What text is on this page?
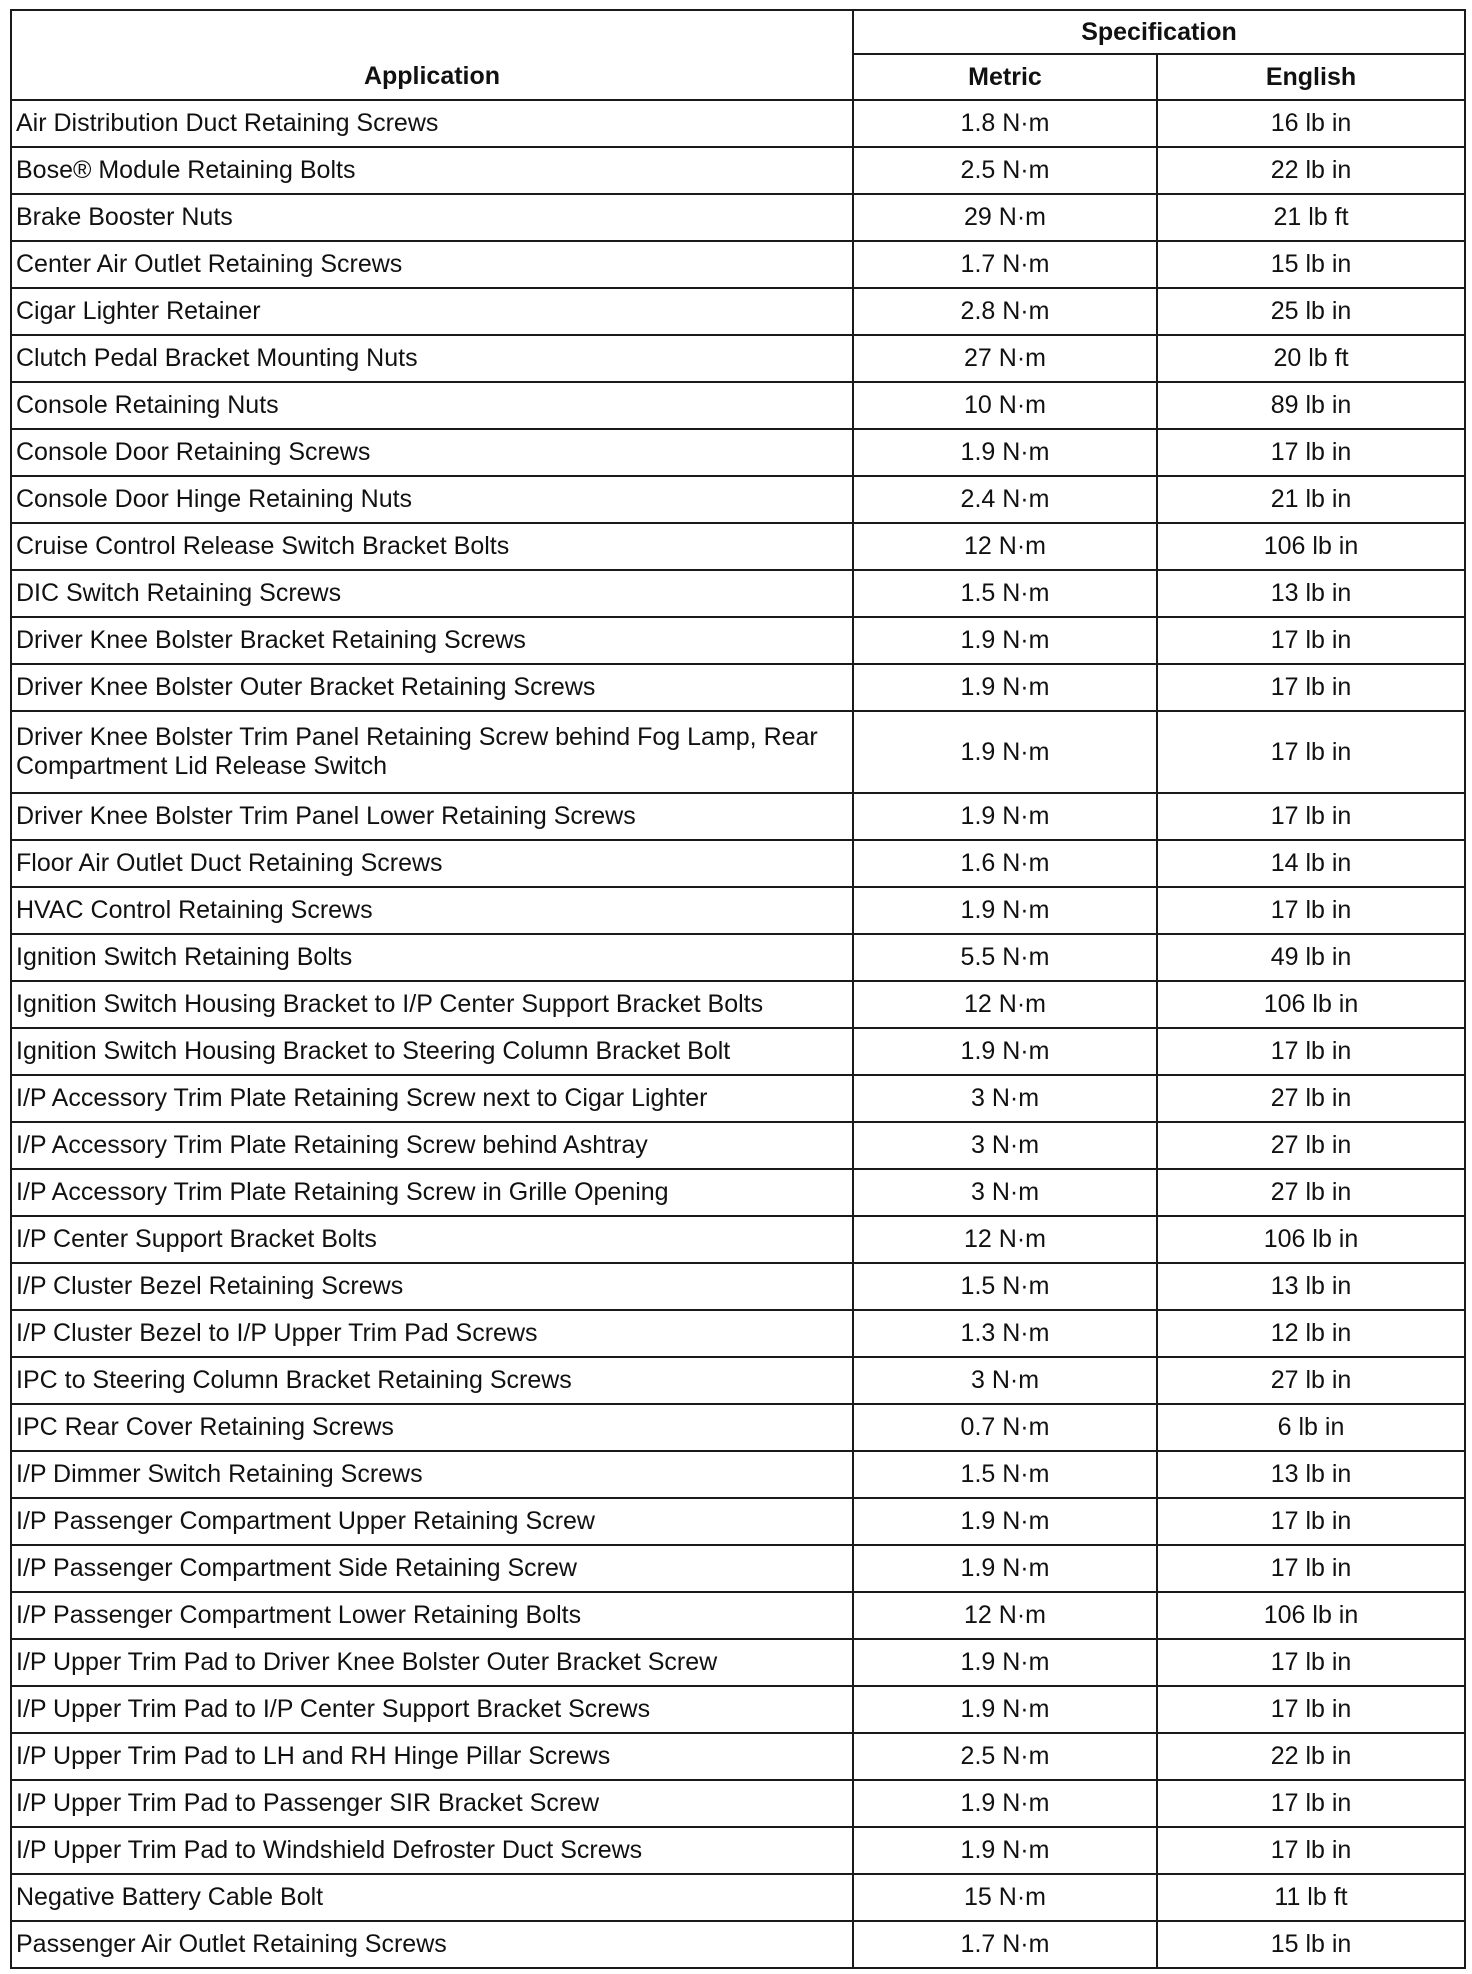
Application	Specification	
	Metric	English
Air Distribution Duct Retaining Screws	1.8 N·m	16 lb in
Bose® Module Retaining Bolts	2.5 N·m	22 lb in
Brake Booster Nuts	29 N·m	21 lb ft
Center Air Outlet Retaining Screws	1.7 N·m	15 lb in
Cigar Lighter Retainer	2.8 N·m	25 lb in
Clutch Pedal Bracket Mounting Nuts	27 N·m	20 lb ft
Console Retaining Nuts	10 N·m	89 lb in
Console Door Retaining Screws	1.9 N·m	17 lb in
Console Door Hinge Retaining Nuts	2.4 N·m	21 lb in
Cruise Control Release Switch Bracket Bolts	12 N·m	106 lb in
DIC Switch Retaining Screws	1.5 N·m	13 lb in
Driver Knee Bolster Bracket Retaining Screws	1.9 N·m	17 lb in
Driver Knee Bolster Outer Bracket Retaining Screws	1.9 N·m	17 lb in
Driver Knee Bolster Trim Panel Retaining Screw behind Fog Lamp, Rear Compartment Lid Release Switch	1.9 N·m	17 lb in
Driver Knee Bolster Trim Panel Lower Retaining Screws	1.9 N·m	17 lb in
Floor Air Outlet Duct Retaining Screws	1.6 N·m	14 lb in
HVAC Control Retaining Screws	1.9 N·m	17 lb in
Ignition Switch Retaining Bolts	5.5 N·m	49 lb in
Ignition Switch Housing Bracket to I/P Center Support Bracket Bolts	12 N·m	106 lb in
Ignition Switch Housing Bracket to Steering Column Bracket Bolt	1.9 N·m	17 lb in
I/P Accessory Trim Plate Retaining Screw next to Cigar Lighter	3 N·m	27 lb in
I/P Accessory Trim Plate Retaining Screw behind Ashtray	3 N·m	27 lb in
I/P Accessory Trim Plate Retaining Screw in Grille Opening	3 N·m	27 lb in
I/P Center Support Bracket Bolts	12 N·m	106 lb in
I/P Cluster Bezel Retaining Screws	1.5 N·m	13 lb in
I/P Cluster Bezel to I/P Upper Trim Pad Screws	1.3 N·m	12 lb in
IPC to Steering Column Bracket Retaining Screws	3 N·m	27 lb in
IPC Rear Cover Retaining Screws	0.7 N·m	6 lb in
I/P Dimmer Switch Retaining Screws	1.5 N·m	13 lb in
I/P Passenger Compartment Upper Retaining Screw	1.9 N·m	17 lb in
I/P Passenger Compartment Side Retaining Screw	1.9 N·m	17 lb in
I/P Passenger Compartment Lower Retaining Bolts	12 N·m	106 lb in
I/P Upper Trim Pad to Driver Knee Bolster Outer Bracket Screw	1.9 N·m	17 lb in
I/P Upper Trim Pad to I/P Center Support Bracket Screws	1.9 N·m	17 lb in
I/P Upper Trim Pad to LH and RH Hinge Pillar Screws	2.5 N·m	22 lb in
I/P Upper Trim Pad to Passenger SIR Bracket Screw	1.9 N·m	17 lb in
I/P Upper Trim Pad to Windshield Defroster Duct Screws	1.9 N·m	17 lb in
Negative Battery Cable Bolt	15 N·m	11 lb ft
Passenger Air Outlet Retaining Screws	1.7 N·m	15 lb in
